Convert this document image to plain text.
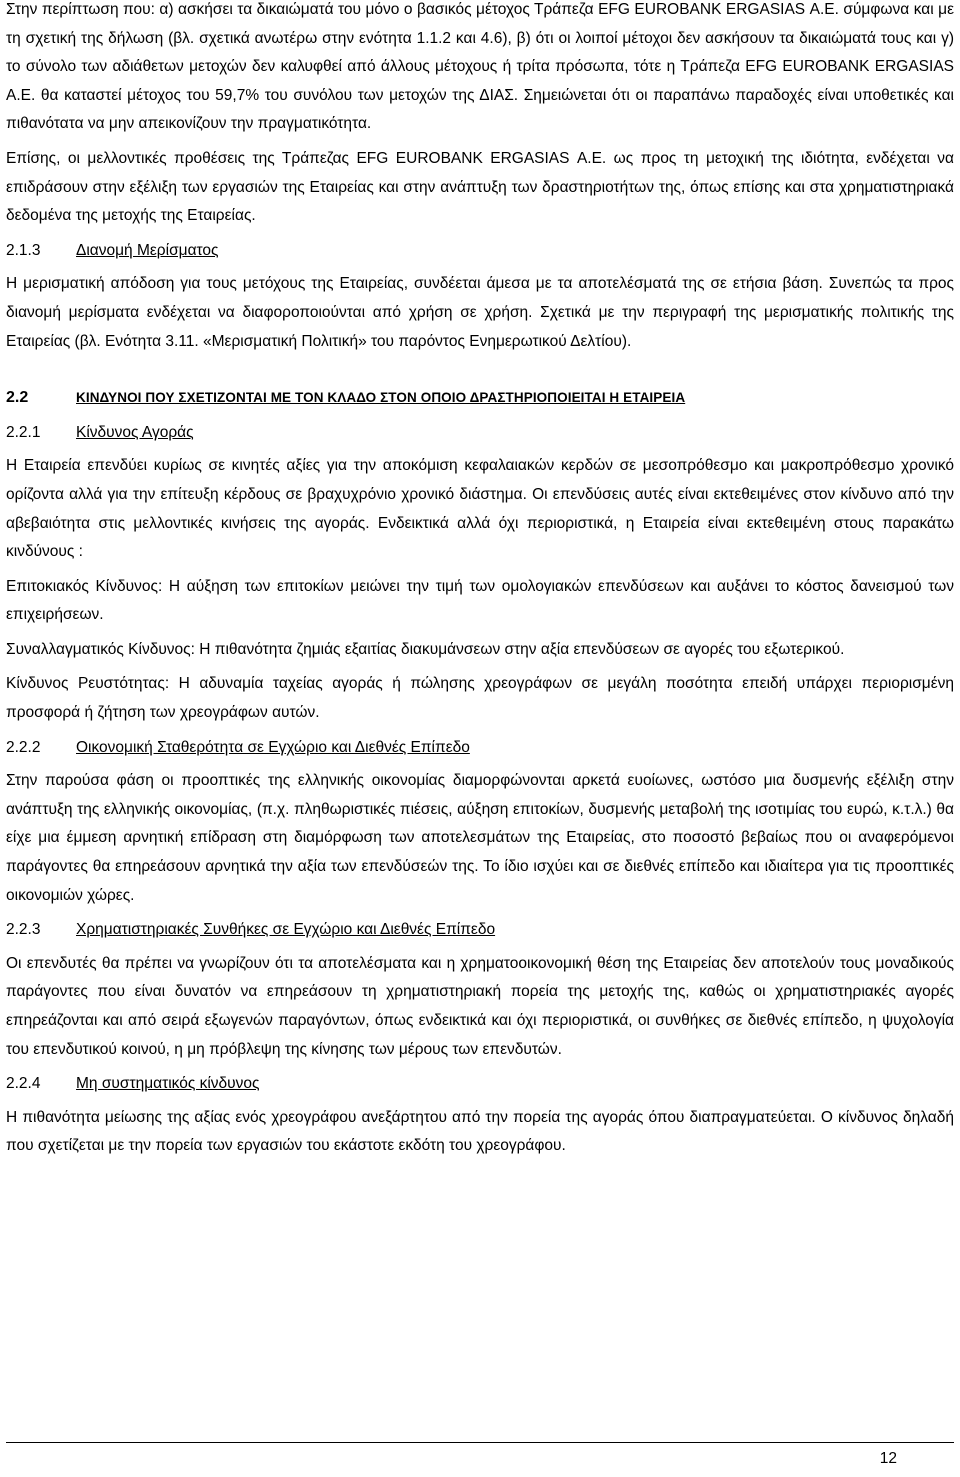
Στην περίπτωση που: α) ασκήσει τα δικαιώματά του μόνο ο βασικός μέτοχος Τράπεζα EFG EUROBANK ERGASIAS Α.Ε. σύμφωνα και με τη σχετική της δήλωση (βλ. σχετικά ανωτέρω στην ενότητα 1.1.2 και 4.6), β) ότι οι λοιποί μέτοχοι δεν ασκήσουν τα δικαιώματά τους και γ) το σύνολο των αδιάθετων μετοχών δεν καλυφθεί από άλλους μέτοχους ή τρίτα πρόσωπα, τότε η Τράπεζα EFG EUROBANK ERGASIAS Α.Ε. θα καταστεί μέτοχος του 59,7% του συνόλου των μετοχών της ΔΙΑΣ. Σημειώνεται ότι οι παραπάνω παραδοχές είναι υποθετικές και πιθανότατα να μην απεικονίζουν την πραγματικότητα.

Επίσης, οι μελλοντικές προθέσεις της Τράπεζας EFG EUROBANK ERGASIAS Α.Ε. ως προς τη μετοχική της ιδιότητα, ενδέχεται να επιδράσουν στην εξέλιξη των εργασιών της Εταιρείας και στην ανάπτυξη των δραστηριοτήτων της, όπως επίσης και στα χρηματιστηριακά δεδομένα της μετοχής της Εταιρείας.

2.1.3 Διανομή Μερίσματος

Η μερισματική απόδοση για τους μετόχους της Εταιρείας, συνδέεται άμεσα με τα αποτελέσματά της σε ετήσια βάση. Συνεπώς τα προς διανομή μερίσματα ενδέχεται να διαφοροποιούνται από χρήση σε χρήση. Σχετικά με την περιγραφή της μερισματικής πολιτικής της Εταιρείας (βλ. Ενότητα 3.11. «Μερισματική Πολιτική» του παρόντος Ενημερωτικού Δελτίου).

2.2	ΚΙΝΔΥΝΟΙ ΠΟΥ ΣΧΕΤΙΖΟΝΤΑΙ ΜΕ ΤΟΝ ΚΛΑΔΟ ΣΤΟΝ ΟΠΟΙΟ ΔΡΑΣΤΗΡΙΟΠΟΙΕΙΤΑΙ Η ΕΤΑΙΡΕΙΑ
2.2.1 Κίνδυνος Αγοράς

Η Εταιρεία επενδύει κυρίως σε κινητές αξίες για την αποκόμιση κεφαλαιακών κερδών σε μεσοπρόθεσμο και μακροπρόθεσμο χρονικό ορίζοντα αλλά για την επίτευξη κέρδους σε βραχυχρόνιο χρονικό διάστημα. Οι επενδύσεις αυτές είναι εκτεθειμένες στον κίνδυνο από την αβεβαιότητα στις μελλοντικές κινήσεις της αγοράς. Ενδεικτικά αλλά όχι περιοριστικά, η Εταιρεία είναι εκτεθειμένη στους παρακάτω κινδύνους :

Επιτοκιακός Κίνδυνος: Η αύξηση των επιτοκίων μειώνει την τιμή των ομολογιακών επενδύσεων και αυξάνει το κόστος δανεισμού των επιχειρήσεων.

Συναλλαγματικός Κίνδυνος: Η πιθανότητα ζημιάς εξαιτίας διακυμάνσεων στην αξία επενδύσεων σε αγορές του εξωτερικού.

Κίνδυνος Ρευστότητας: Η αδυναμία ταχείας αγοράς ή πώλησης χρεογράφων σε μεγάλη ποσότητα επειδή υπάρχει περιορισμένη προσφορά ή ζήτηση των χρεογράφων αυτών.

2.2.2 Οικονομική Σταθερότητα σε Εγχώριο και Διεθνές Επίπεδο

Στην παρούσα φάση οι προοπτικές της ελληνικής οικονομίας διαμορφώνονται αρκετά ευοίωνες, ωστόσο μια δυσμενής εξέλιξη στην ανάπτυξη της ελληνικής οικονομίας, (π.χ. πληθωριστικές πιέσεις, αύξηση επιτοκίων, δυσμενής μεταβολή της ισοτιμίας του ευρώ, κ.τ.λ.) θα είχε μια έμμεση αρνητική επίδραση στη διαμόρφωση των αποτελεσμάτων της Εταιρείας, στο ποσοστό βεβαίως που οι αναφερόμενοι παράγοντες θα επηρεάσουν αρνητικά την αξία των επενδύσεών της. Το ίδιο ισχύει και σε διεθνές επίπεδο και ιδιαίτερα για τις προοπτικές οικονομιών χώρες.

2.2.3 Χρηματιστηριακές Συνθήκες σε Εγχώριο και Διεθνές Επίπεδο

Οι επενδυτές θα πρέπει να γνωρίζουν ότι τα αποτελέσματα και η χρηματοοικονομική θέση της Εταιρείας δεν αποτελούν τους μοναδικούς παράγοντες που είναι δυνατόν να επηρεάσουν τη χρηματιστηριακή πορεία της μετοχής της, καθώς οι χρηματιστηριακές αγορές επηρεάζονται και από σειρά εξωγενών παραγόντων, όπως ενδεικτικά και όχι περιοριστικά, οι συνθήκες σε διεθνές επίπεδο, η ψυχολογία του επενδυτικού κοινού, η μη πρόβλεψη της κίνησης των μέρους των επενδυτών.

2.2.4 Μη συστηματικός κίνδυνος

Η πιθανότητα μείωσης της αξίας ενός χρεογράφου ανεξάρτητου από την πορεία της αγοράς όπου διαπραγματεύεται. Ο κίνδυνος δηλαδή που σχετίζεται με την πορεία των εργασιών του εκάστοτε εκδότη του χρεογράφου.

12
